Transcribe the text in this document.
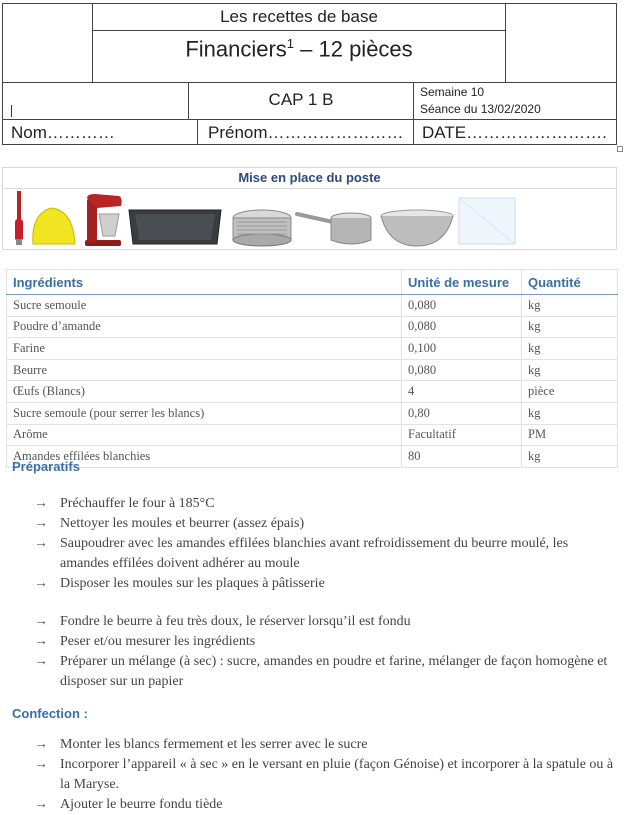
Les recettes de base
Financiers$^1$ – 12 pièces
CAP 1 B	Semaine 10
Séance du 13/02/2020
Nom…………	Prénom…………………… DATE…………………….
Mise en place du poste
Ingrédients	Unité de mesure	Quantité
Sucre semoule	0,080	kg
Poudre d’amande	0,080	kg
Farine	0,100	kg
Beurre	0,080	kg
Œufs (Blancs)	4	pièce
Sucre semoule (pour serrer les blancs)	0,80	kg
Arôme	Facultatif	PM
Amandes effilées blanchies	80	kg
Préparatifs
→ Préchauffer le four à 185°C
→ Nettoyer les moules et beurrer (assez épais)
→ Saupoudrer avec les amandes effilées blanchies avant refroidissement du beurre moulé, les amandes effilées doivent adhérer au moule
→ Disposer les moules sur les plaques à pâtisserie
→ Fondre le beurre à feu très doux, le réserver lorsqu’il est fondu
→ Peser et/ou mesurer les ingrédients
→ Préparer un mélange (à sec) : sucre, amandes en poudre et farine, mélanger de façon homogène et disposer sur un papier
Confection :
→ Monter les blancs fermement et les serrer avec le sucre
→ Incorporer l’appareil « à sec » en le versant en pluie (façon Génoise) et incorporer à la spatule ou à la Maryse.
→ Ajouter le beurre fondu tiède
